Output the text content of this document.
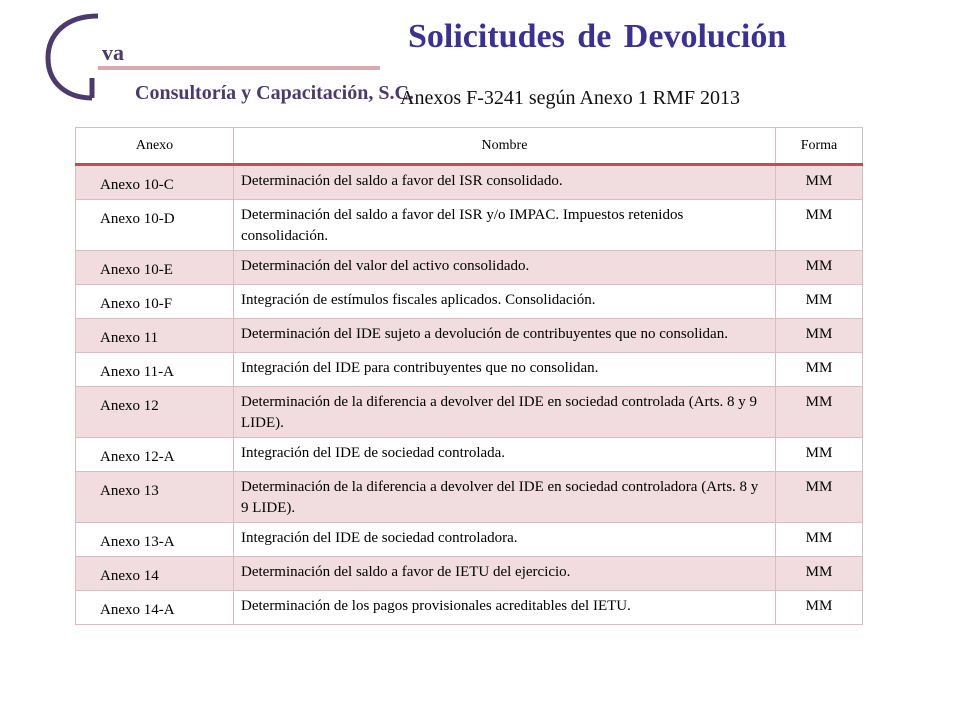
va
Consultoría y Capacitación, S.C.
Solicitudes de Devolución
Anexos F-3241 según Anexo 1 RMF 2013
Anexo	Nombre	Forma
Anexo 10-C	Determinación del saldo a favor del ISR consolidado.	MM
Anexo 10-D	Determinación del saldo a favor del ISR y/o IMPAC. Impuestos retenidos consolidación.	MM
Anexo 10-E	Determinación del valor del activo consolidado.	MM
Anexo 10-F	Integración de estímulos fiscales aplicados. Consolidación.	MM
Anexo 11	Determinación del IDE sujeto a devolución de contribuyentes que no consolidan.	MM
Anexo 11-A	Integración del IDE para contribuyentes que no consolidan.	MM
Anexo 12	Determinación de la diferencia a devolver del IDE en sociedad controlada (Arts. 8 y 9 LIDE).	MM
Anexo 12-A	Integración del IDE de sociedad controlada.	MM
Anexo 13	Determinación de la diferencia a devolver del IDE en sociedad controladora (Arts. 8 y 9 LIDE).	MM
Anexo 13-A	Integración del IDE de sociedad controladora.	MM
Anexo 14	Determinación del saldo a favor de IETU del ejercicio.	MM
Anexo 14-A	Determinación de los pagos provisionales acreditables del IETU.	MM
